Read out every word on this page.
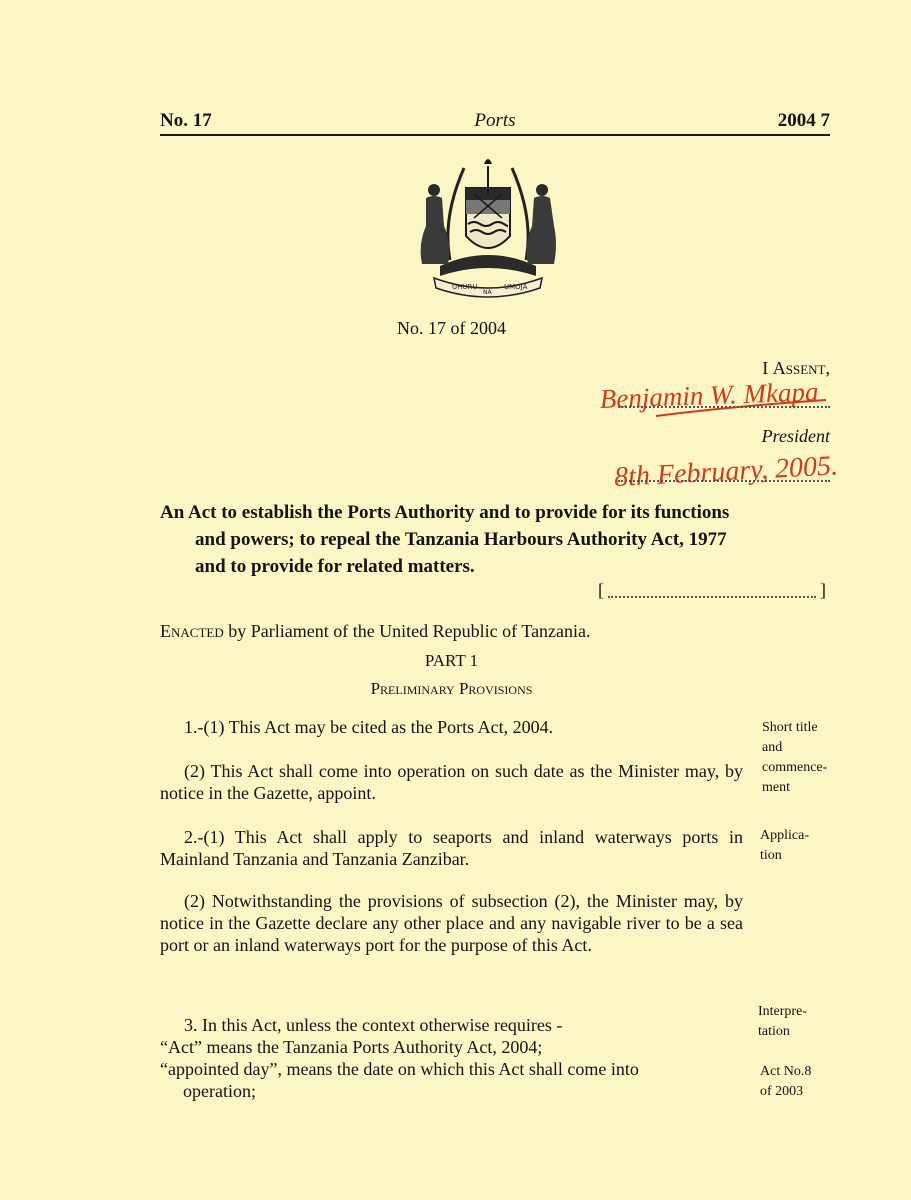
No. 17	Ports	2004 7
UHURU
NA
UMOJA
No. 17 of 2004
I Assent,
Benjamin W. Mkapa
President
8th February, 2005.
An Act to establish the Ports Authority and to provide for its functions
and powers; to repeal the Tanzania Harbours Authority Act, 1977
and to provide for related matters.
[	]
Enacted by Parliament of the United Republic of Tanzania.
PART 1
Preliminary Provisions
1.-(1) This Act may be cited as the Ports Act, 2004.
(2) This Act shall come into operation on such date as the Minister may, by notice in the Gazette, appoint.
2.-(1) This Act shall apply to seaports and inland waterways ports in Mainland Tanzania and Tanzania Zanzibar.
(2) Notwithstanding the provisions of subsection (2), the Minister may, by notice in the Gazette declare any other place and any navigable river to be a sea port or an inland waterways port for the purpose of this Act.
3. In this Act, unless the context otherwise requires -
“Act” means the Tanzania Ports Authority Act, 2004;
“appointed day”, means the date on which this Act shall come into
operation;
Short title
and
commence-
ment
Applica-
tion
Interpre-
tation
Act No.8
of 2003
